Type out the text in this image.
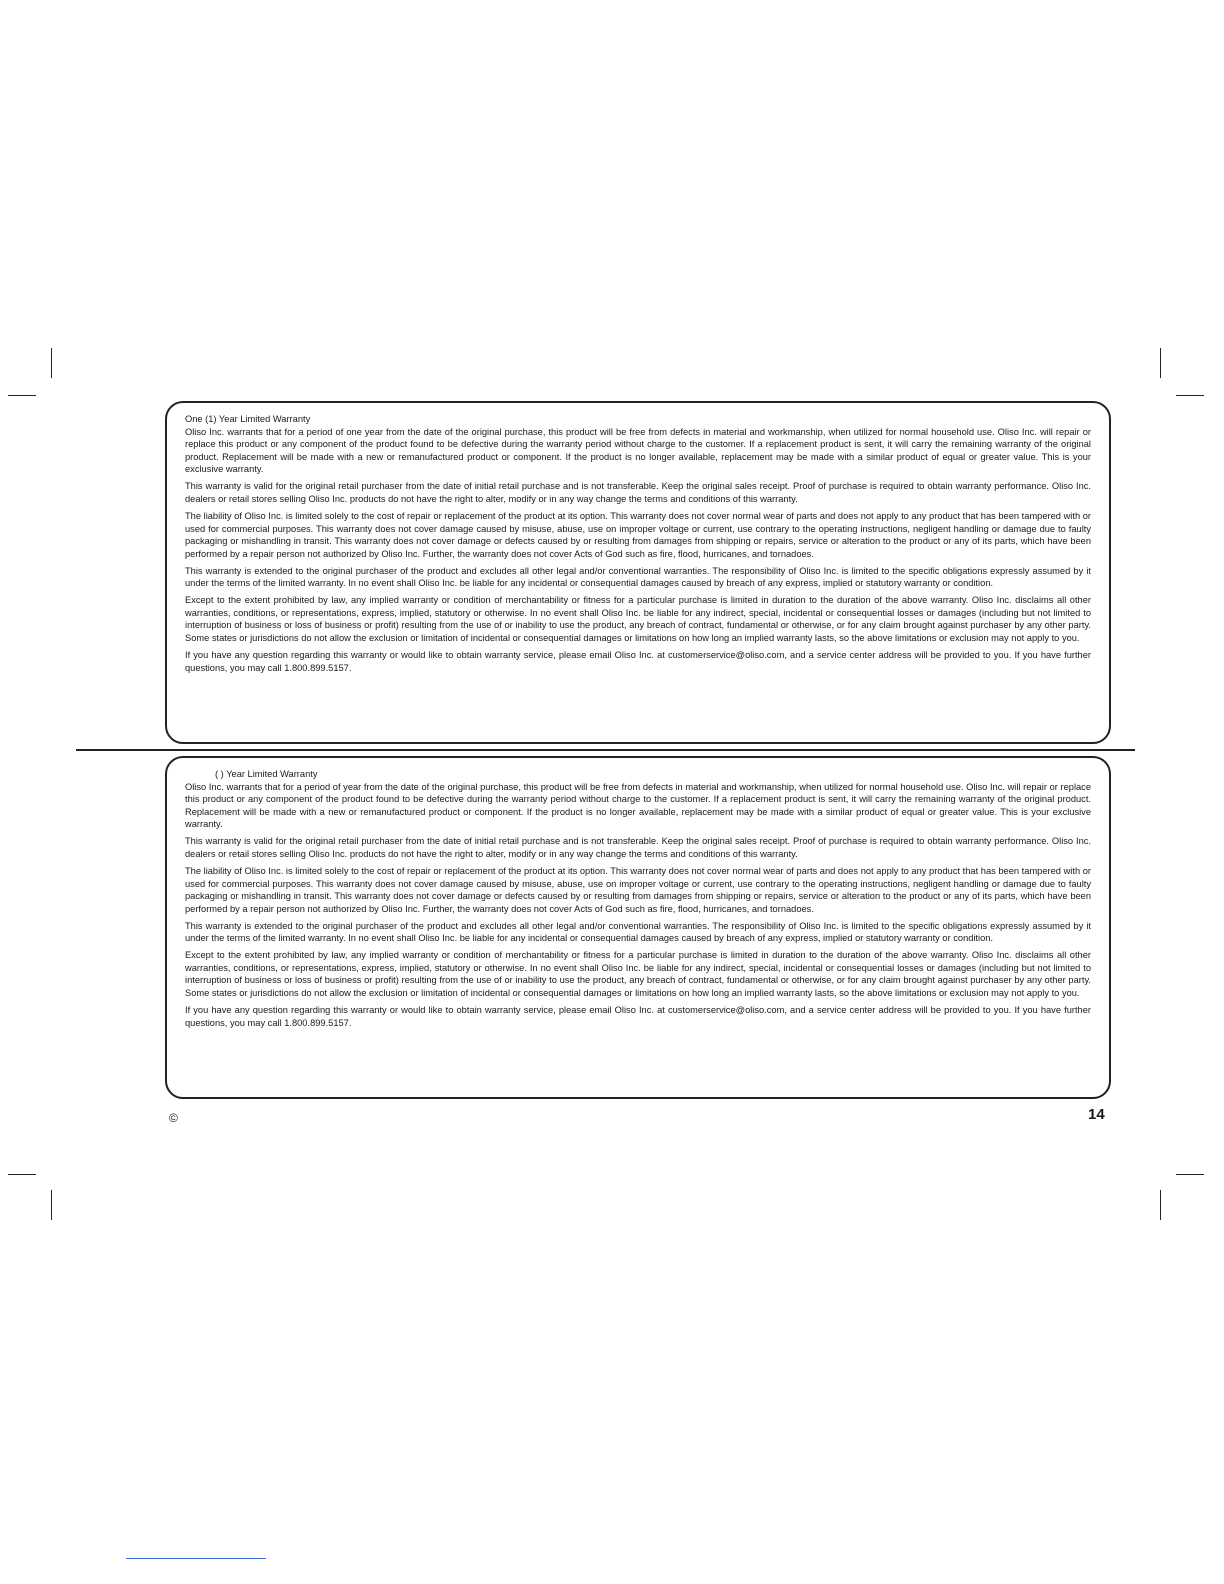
One (1) Year Limited Warranty

Oliso Inc. warrants that for a period of one year from the date of the original purchase, this product will be free from defects in material and workmanship, when utilized for normal household use. Oliso Inc. will repair or replace this product or any component of the product found to be defective during the warranty period without charge to the customer. If a replacement product is sent, it will carry the remaining warranty of the original product. Replacement will be made with a new or remanufactured product or component. If the product is no longer available, replacement may be made with a similar product of equal or greater value. This is your exclusive warranty.

This warranty is valid for the original retail purchaser from the date of initial retail purchase and is not transferable. Keep the original sales receipt. Proof of purchase is required to obtain warranty performance. Oliso Inc. dealers or retail stores selling Oliso Inc. products do not have the right to alter, modify or in any way change the terms and conditions of this warranty.

The liability of Oliso Inc. is limited solely to the cost of repair or replacement of the product at its option. This warranty does not cover normal wear of parts and does not apply to any product that has been tampered with or used for commercial purposes. This warranty does not cover damage caused by misuse, abuse, use on improper voltage or current, use contrary to the operating instructions, negligent handling or damage due to faulty packaging or mishandling in transit. This warranty does not cover damage or defects caused by or resulting from damages from shipping or repairs, service or alteration to the product or any of its parts, which have been performed by a repair person not authorized by Oliso Inc. Further, the warranty does not cover Acts of God such as fire, flood, hurricanes, and tornadoes.

This warranty is extended to the original purchaser of the product and excludes all other legal and/or conventional warranties. The responsibility of Oliso Inc. is limited to the specific obligations expressly assumed by it under the terms of the limited warranty. In no event shall Oliso Inc. be liable for any incidental or consequential damages caused by breach of any express, implied or statutory warranty or condition.

Except to the extent prohibited by law, any implied warranty or condition of merchantability or fitness for a particular purchase is limited in duration to the duration of the above warranty. Oliso Inc. disclaims all other warranties, conditions, or representations, express, implied, statutory or otherwise. In no event shall Oliso Inc. be liable for any indirect, special, incidental or consequential losses or damages (including but not limited to interruption of business or loss of business or profit) resulting from the use of or inability to use the product, any breach of contract, fundamental or otherwise, or for any claim brought against purchaser by any other party. Some states or jurisdictions do not allow the exclusion or limitation of incidental or consequential damages or limitations on how long an implied warranty lasts, so the above limitations or exclusion may not apply to you.

If you have any question regarding this warranty or would like to obtain warranty service, please email Oliso Inc. at customerservice@oliso.com, and a service center address will be provided to you. If you have further questions, you may call 1.800.899.5157.

( ) Year Limited Warranty

Oliso Inc. warrants that for a period of year from the date of the original purchase, this product will be free from defects in material and workmanship, when utilized for normal household use. Oliso Inc. will repair or replace this product or any component of the product found to be defective during the warranty period without charge to the customer. If a replacement product is sent, it will carry the remaining warranty of the original product. Replacement will be made with a new or remanufactured product or component. If the product is no longer available, replacement may be made with a similar product of equal or greater value. This is your exclusive warranty.

This warranty is valid for the original retail purchaser from the date of initial retail purchase and is not transferable. Keep the original sales receipt. Proof of purchase is required to obtain warranty performance. Oliso Inc. dealers or retail stores selling Oliso Inc. products do not have the right to alter, modify or in any way change the terms and conditions of this warranty.

The liability of Oliso Inc. is limited solely to the cost of repair or replacement of the product at its option. This warranty does not cover normal wear of parts and does not apply to any product that has been tampered with or used for commercial purposes. This warranty does not cover damage caused by misuse, abuse, use on improper voltage or current, use contrary to the operating instructions, negligent handling or damage due to faulty packaging or mishandling in transit. This warranty does not cover damage or defects caused by or resulting from damages from shipping or repairs, service or alteration to the product or any of its parts, which have been performed by a repair person not authorized by Oliso Inc. Further, the warranty does not cover Acts of God such as fire, flood, hurricanes, and tornadoes.

This warranty is extended to the original purchaser of the product and excludes all other legal and/or conventional warranties. The responsibility of Oliso Inc. is limited to the specific obligations expressly assumed by it under the terms of the limited warranty. In no event shall Oliso Inc. be liable for any incidental or consequential damages caused by breach of any express, implied or statutory warranty or condition.

Except to the extent prohibited by law, any implied warranty or condition of merchantability or fitness for a particular purchase is limited in duration to the duration of the above warranty. Oliso Inc. disclaims all other warranties, conditions, or representations, express, implied, statutory or otherwise. In no event shall Oliso Inc. be liable for any indirect, special, incidental or consequential losses or damages (including but not limited to interruption of business or loss of business or profit) resulting from the use of or inability to use the product, any breach of contract, fundamental or otherwise, or for any claim brought against purchaser by any other party. Some states or jurisdictions do not allow the exclusion or limitation of incidental or consequential damages or limitations on how long an implied warranty lasts, so the above limitations or exclusion may not apply to you.

If you have any question regarding this warranty or would like to obtain warranty service, please email Oliso Inc. at customerservice@oliso.com, and a service center address will be provided to you. If you have further questions, you may call 1.800.899.5157.

©	14
